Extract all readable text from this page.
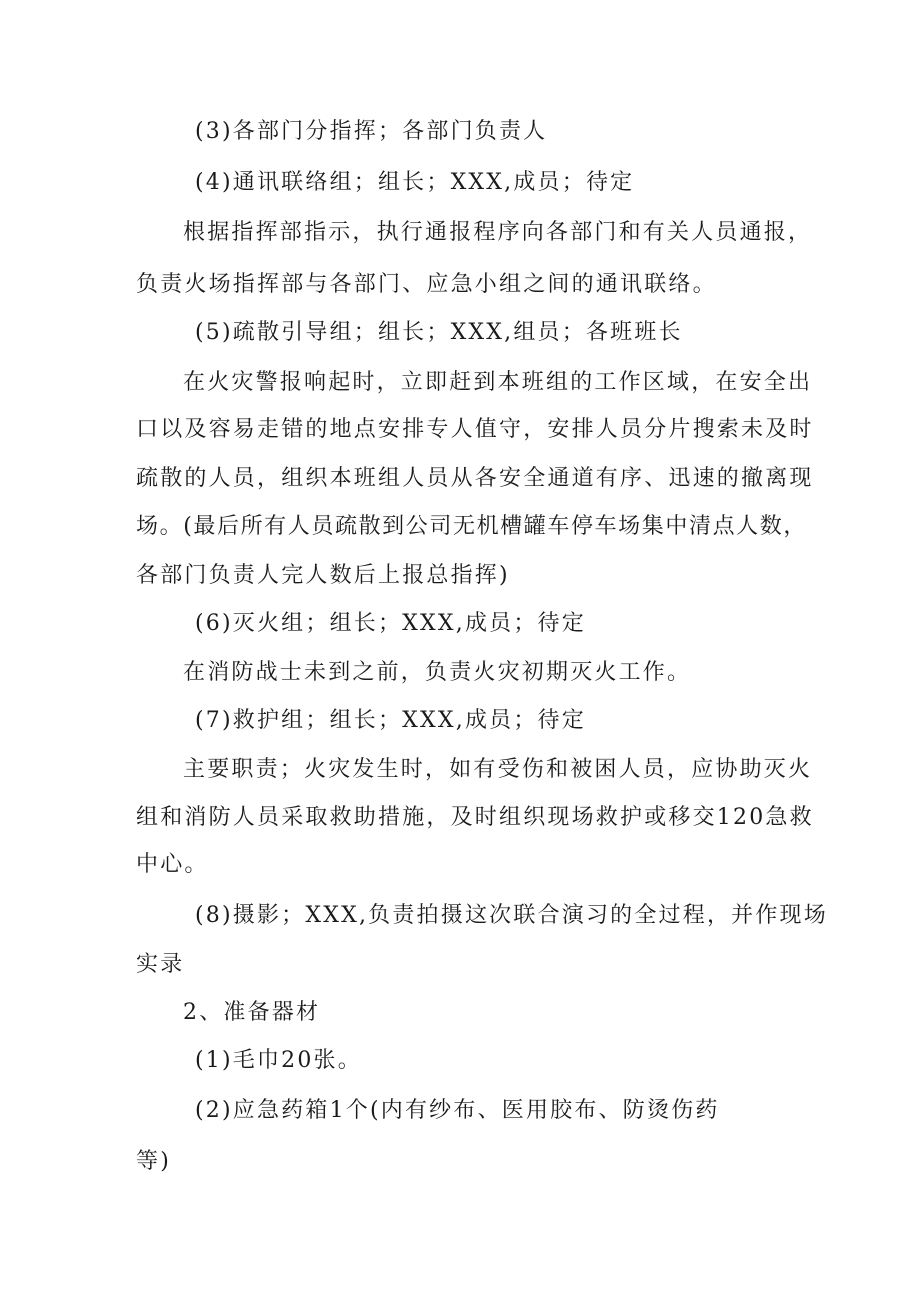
(3)各部门分指挥；各部门负责人
(4)通讯联络组；组长；XXX,成员；待定
根据指挥部指示，执行通报程序向各部门和有关人员通报，
负责火场指挥部与各部门、应急小组之间的通讯联络。
(5)疏散引导组；组长；XXX,组员；各班班长
在火灾警报响起时，立即赶到本班组的工作区域，在安全出
口以及容易走错的地点安排专人值守，安排人员分片搜索未及时
疏散的人员，组织本班组人员从各安全通道有序、迅速的撤离现
场。(最后所有人员疏散到公司无机槽罐车停车场集中清点人数，
各部门负责人完人数后上报总指挥)
(6)灭火组；组长；XXX,成员；待定
在消防战士未到之前，负责火灾初期灭火工作。
(7)救护组；组长；XXX,成员；待定
主要职责；火灾发生时，如有受伤和被困人员，应协助灭火
组和消防人员采取救助措施，及时组织现场救护或移交120急救
中心。
(8)摄影；XXX,负责拍摄这次联合演习的全过程，并作现场
实录
2、准备器材
(1)毛巾20张。
(2)应急药箱1个(内有纱布、医用胶布、防烫伤药
等)
